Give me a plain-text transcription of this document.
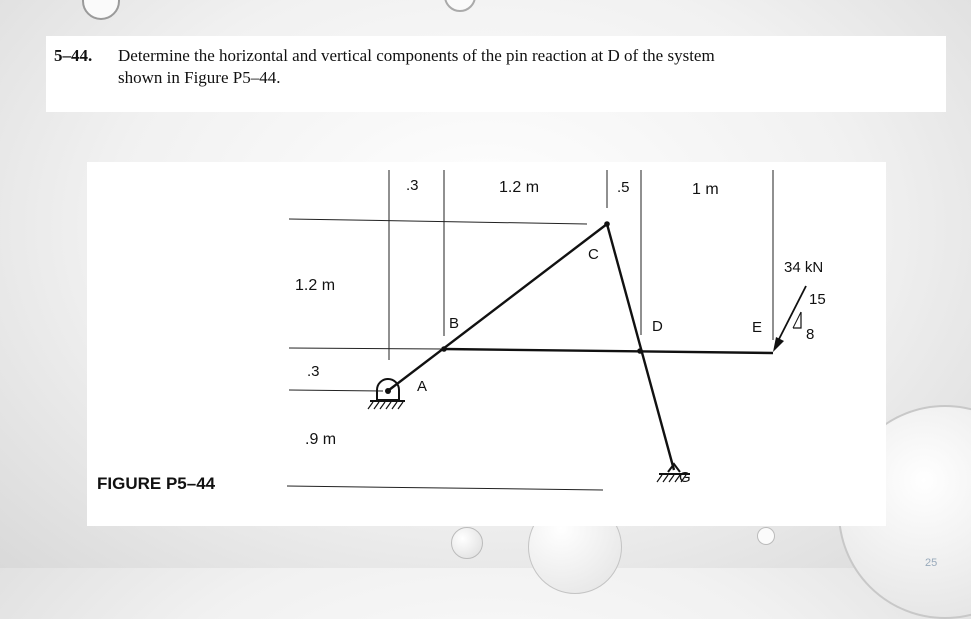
5–44. Determine the horizontal and vertical components of the pin reaction at D of the system
shown in Figure P5–44.
.3	1.2 m	.5	1 m
1.2 m
.3
.9 m
A
B
C
D	E
G
34 kN
15
8
FIGURE P5–44
25
